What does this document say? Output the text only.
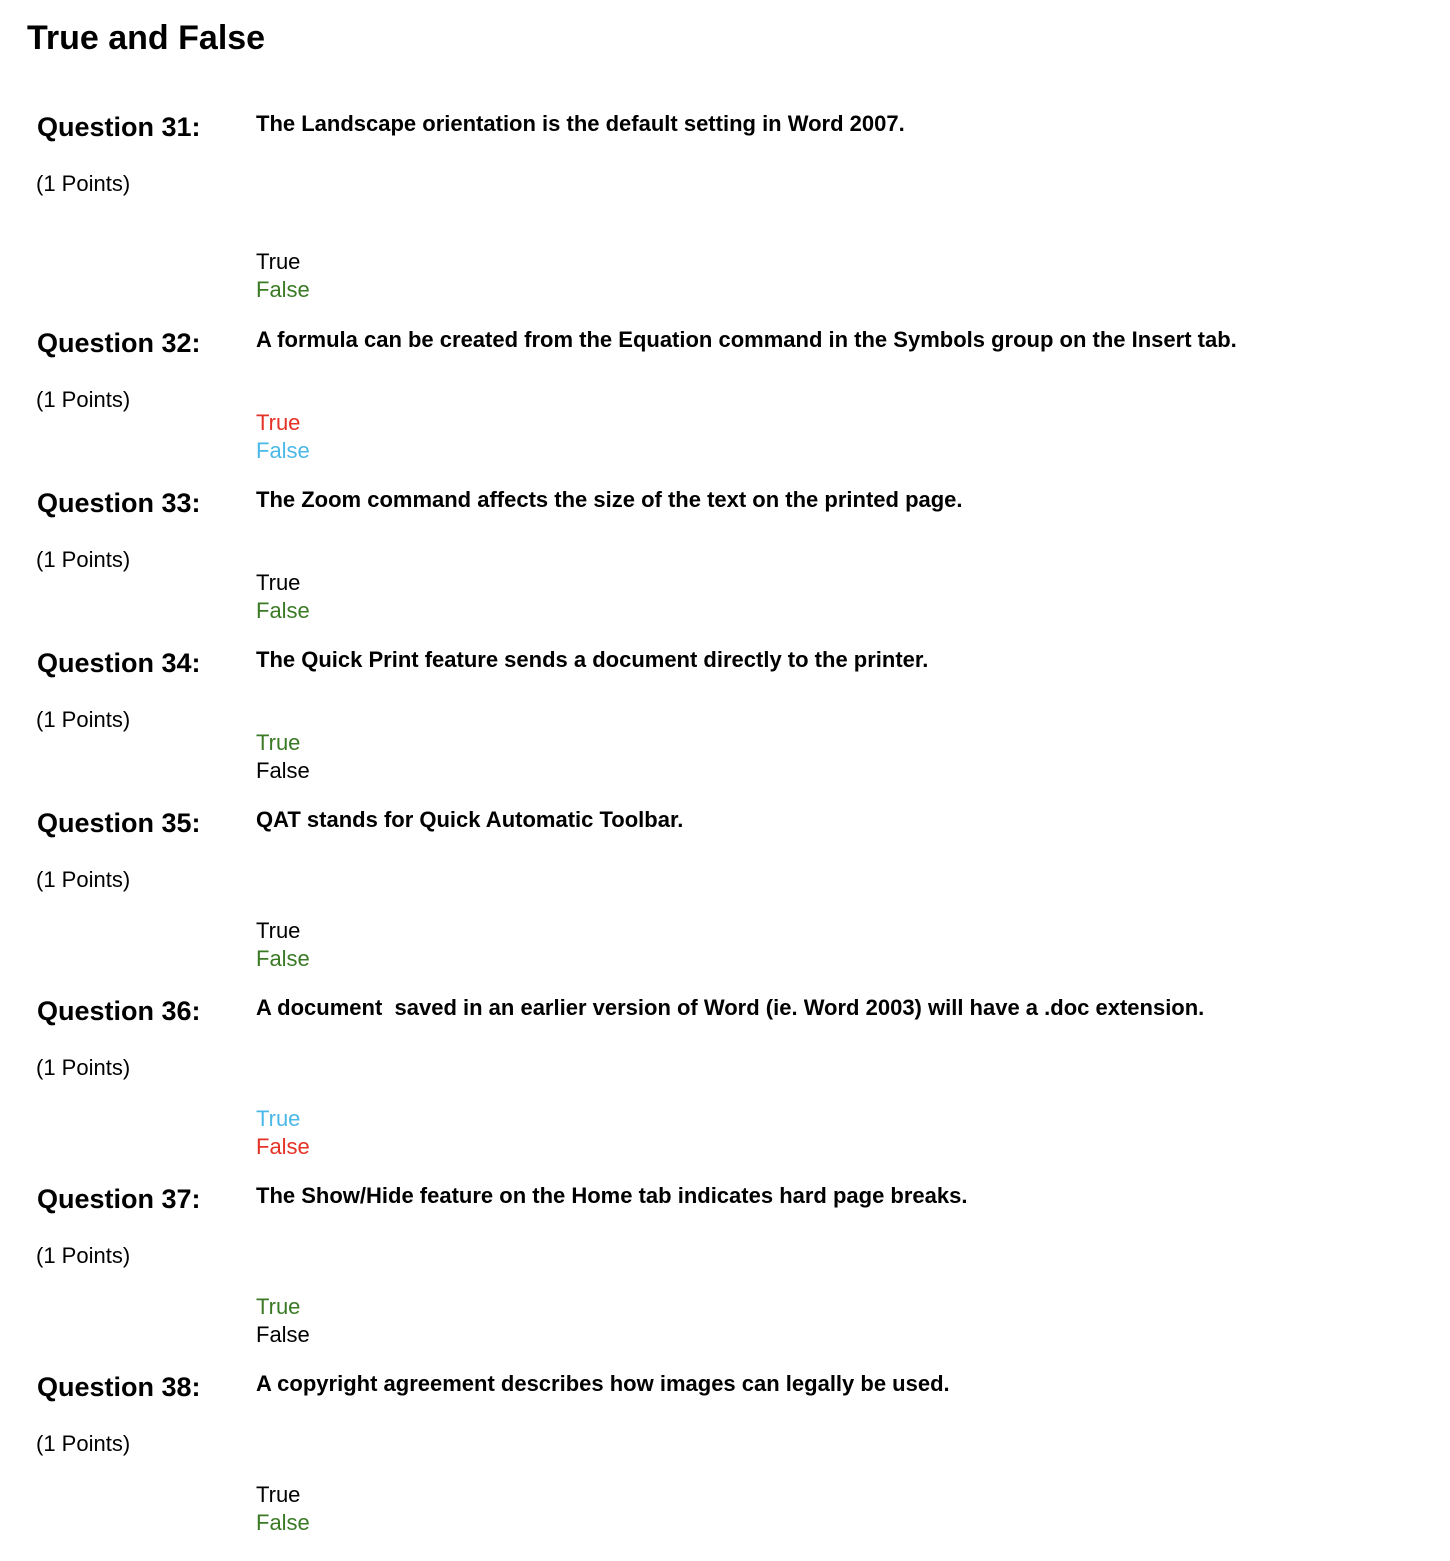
True and False
Question 31:	The Landscape orientation is the default setting in Word 2007.
(1 Points)
True
False
Question 32:	A formula can be created from the Equation command in the Symbols group on the Insert tab.
(1 Points)
True
False
Question 33:	The Zoom command affects the size of the text on the printed page.
(1 Points)
True
False
Question 34:	The Quick Print feature sends a document directly to the printer.
(1 Points)
True
False
Question 35:	QAT stands for Quick Automatic Toolbar.
(1 Points)
True
False
Question 36:	A document  saved in an earlier version of Word (ie. Word 2003) will have a .doc extension.
(1 Points)
True
False
Question 37:	The Show/Hide feature on the Home tab indicates hard page breaks.
(1 Points)
True
False
Question 38:	A copyright agreement describes how images can legally be used.
(1 Points)
True
False
